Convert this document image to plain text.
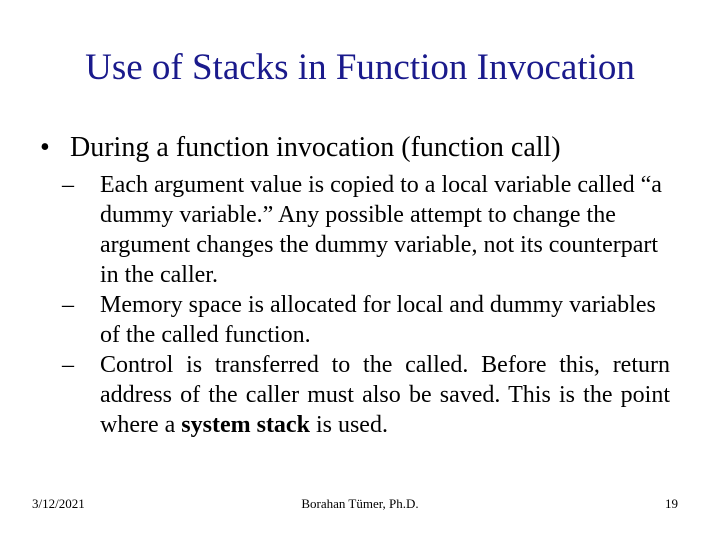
Use of Stacks in Function Invocation
• During a function invocation (function call)
– Each argument value is copied to a local variable called “a dummy variable.” Any possible attempt to change the argument changes the dummy variable, not its counterpart in the caller.
– Memory space is allocated for local and dummy variables of the called function.
– Control is transferred to the called. Before this, return address of the caller must also be saved. This is the point where a system stack is used.
3/12/2021	Borahan Tümer, Ph.D.	19
